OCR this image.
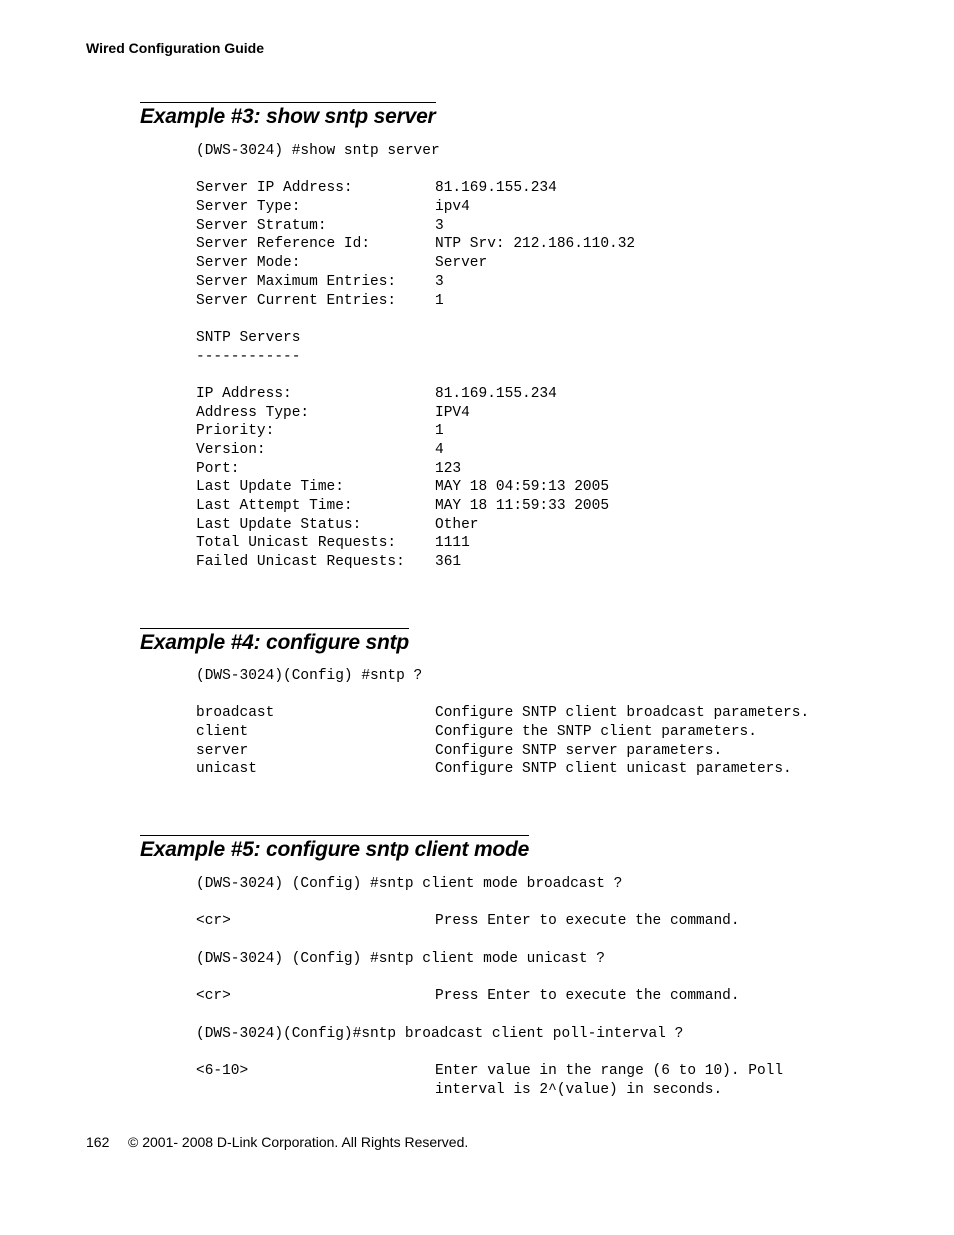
Wired Configuration Guide
Example #3: show sntp server
(DWS-3024) #show sntp server
Server IP Address:	81.169.155.234
Server Type:	ipv4
Server Stratum:	3
Server Reference Id:	NTP Srv: 212.186.110.32
Server Mode:	Server
Server Maximum Entries:	3
Server Current Entries:	1
SNTP Servers
------------
IP Address:	81.169.155.234
Address Type:	IPV4
Priority:	1
Version:	4
Port:	123
Last Update Time:	MAY 18 04:59:13 2005
Last Attempt Time:	MAY 18 11:59:33 2005
Last Update Status:	Other
Total Unicast Requests:	1111
Failed Unicast Requests: 361
Example #4: configure sntp
(DWS-3024)(Config) #sntp ?
broadcast	Configure SNTP client broadcast parameters.
client	Configure the SNTP client parameters.
server	Configure SNTP server parameters.
unicast	Configure SNTP client unicast parameters.
Example #5: configure sntp client mode
(DWS-3024) (Config) #sntp client mode broadcast ?
<cr>	Press Enter to execute the command.
(DWS-3024) (Config) #sntp client mode unicast ?
<cr>	Press Enter to execute the command.
(DWS-3024)(Config)#sntp broadcast client poll-interval ?
<6-10>	Enter value in the range (6 to 10). Poll
interval is 2^(value) in seconds.
162 © 2001- 2008 D-Link Corporation. All Rights Reserved.
